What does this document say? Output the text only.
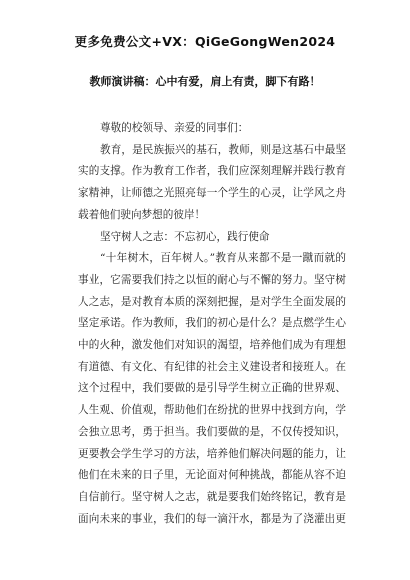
更多免费公文+VX：QiGeGongWen2024
教师演讲稿：心中有爱，肩上有责，脚下有路！
尊敬的校领导、亲爱的同事们：
教育，是民族振兴的基石，教师，则是这基石中最坚
实的支撑。作为教育工作者，我们应深刻理解并践行教育
家精神，让师德之光照亮每一个学生的心灵，让学风之舟
载着他们驶向梦想的彼岸！
坚守树人之志：不忘初心，践行使命
“十年树木，百年树人。”教育从来都不是一蹴而就的
事业，它需要我们持之以恒的耐心与不懈的努力。坚守树
人之志，是对教育本质的深刻把握，是对学生全面发展的
坚定承诺。作为教师，我们的初心是什么？是点燃学生心
中的火种，激发他们对知识的渴望，培养他们成为有理想
有道德、有文化、有纪律的社会主义建设者和接班人。在
这个过程中，我们要做的是引导学生树立正确的世界观、
人生观、价值观，帮助他们在纷扰的世界中找到方向，学
会独立思考，勇于担当。我们要做的是，不仅传授知识，
更要教会学生学习的方法，培养他们解决问题的能力，让
他们在未来的日子里，无论面对何种挑战，都能从容不迫
自信前行。坚守树人之志，就是要我们始终铭记，教育是
面向未来的事业，我们的每一滴汗水，都是为了浇灌出更
